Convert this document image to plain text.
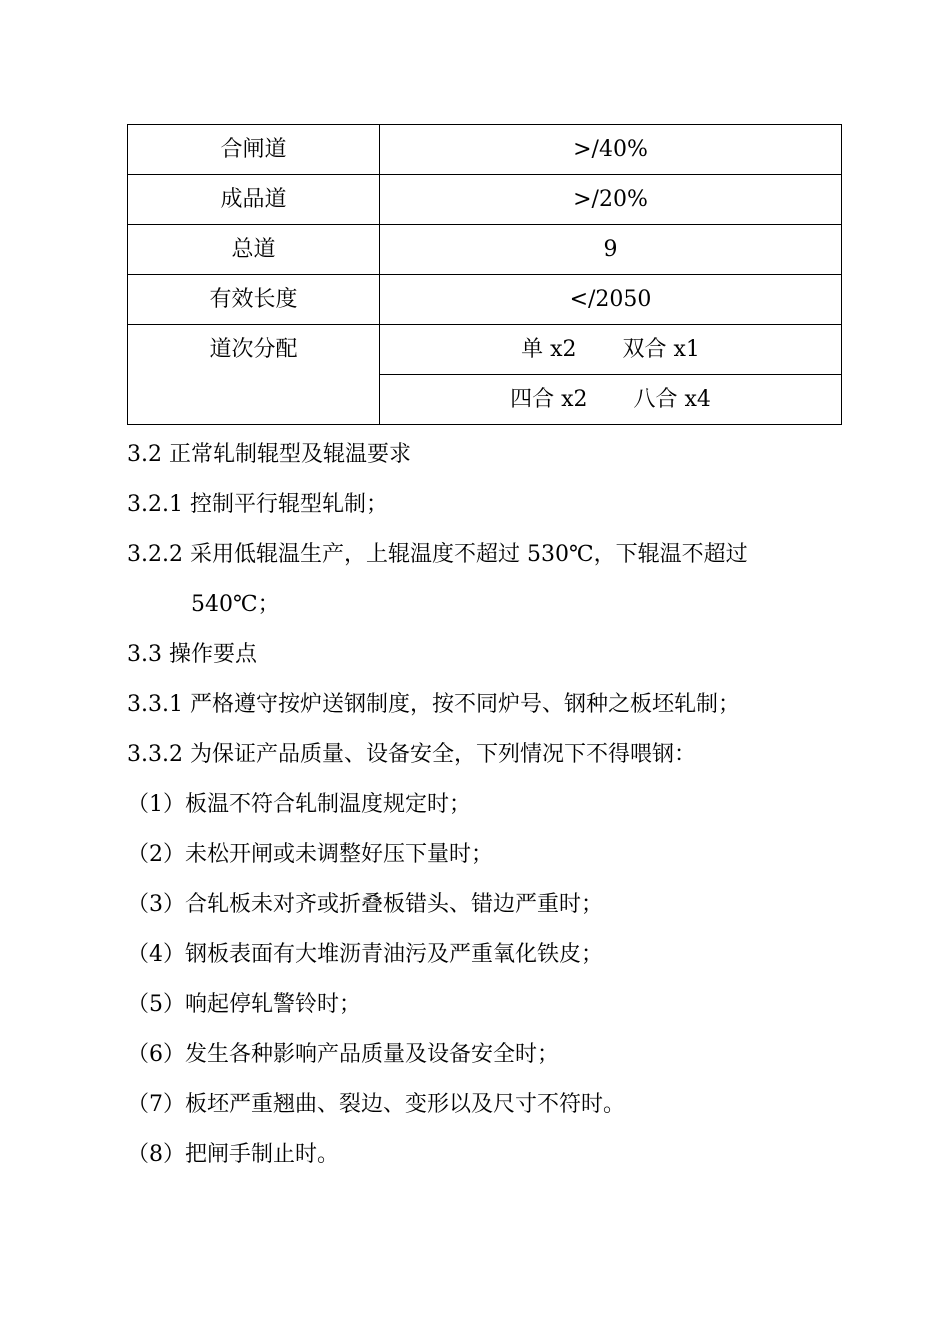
合闸道	>/40%
成品道	>/20%
总道	9
有效长度	</2050
道次分配	单 x2 双合 x1
	四合 x2 八合 x4
3.2 正常轧制辊型及辊温要求
3.2.1 控制平行辊型轧制；
3.2.2 采用低辊温生产，上辊温度不超过 530℃，下辊温不超过
540℃；
3.3 操作要点
3.3.1 严格遵守按炉送钢制度，按不同炉号、钢种之板坯轧制；
3.3.2 为保证产品质量、设备安全，下列情况下不得喂钢：
（1）板温不符合轧制温度规定时；
（2）未松开闸或未调整好压下量时；
（3）合轧板未对齐或折叠板错头、错边严重时；
（4）钢板表面有大堆沥青油污及严重氧化铁皮；
（5）响起停轧警铃时；
（6）发生各种影响产品质量及设备安全时；
（7）板坯严重翘曲、裂边、变形以及尺寸不符时。
（8）把闸手制止时。
